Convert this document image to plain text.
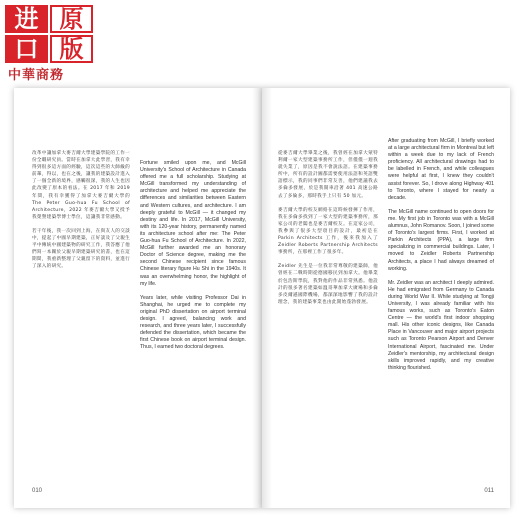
进 原
口 版
中華商務

改革中讓加拿大麥吉爾大學建築學院的工作一份全職研究員。當時在加拿大此學習，我有幸得到很多這方面的經驗，這次這些的大師級的前輩，得以，也在之後，讓我的建築設計進入了一個全新的境界，感觸很深，我的人生也因此改變了原本的看法。在 2017 年和 2019 年間，我有幸獲得了加拿大麥吉爾大學的 The Peter Guo-hua Fu School of Architecture，2022 年麥吉爾大學又授予我榮譽建築學博士學位，這讓我非常感動。

若干年後，我一次回到上海，在與友人的交談中，提起了中國早期建築，正好談及了父親生平中傳統中國建築物的研究工作，我答應了他們寫一本關於父親早期建築研究的書，也在這期間，我重新整理了父親留下的資料，並進行了深入的研究。

Fortune smiled upon me, and McGill University's School of Architecture in Canada offered me a full scholarship. Studying at McGill transformed my understanding of architecture and helped me appreciate the differences and similarities between Eastern and Western cultures, and architecture. I am deeply grateful to McGill — it changed my destiny and life. In 2017, McGill University, with its 120-year history, permanently named its architecture school after me: The Peter Guo-hua Fu School of Architecture. In 2022, McGill further awarded me an honorary Doctor of Science degree, making me the second Chinese recipient since famous Chinese literary figure Hu Shi in the 1940s. It was an overwhelming honor, the highlight of my life.

Years later, while visiting Professor Dai in Shanghai, he urged me to complete my original PhD dissertation on airport terminal design. I agreed, balancing work and research, and three years later, I successfully defended the dissertation, which became the first Chinese book on airport terminal design. Thus, I earned two doctoral degrees.

010

從麥吉爾大學畢業之後，我曾經在加拿大蒙特利爾一家大型建築事務所工作，但僅僅一週我就失業了，原因是我不會說法語。在建築事務所中，所有的設計圖都需要使用法語和英語雙語標示，我的同事們非常友善，他們建議我去多倫多發展，於是我開車沿著 401 高速公路去了多倫多，那時我手上只有 50 加元。

麥吉爾大學的校友網絡在這時候發揮了作用，我在多倫多找到了一家大型的建築事務所，那家公司的老闆也是麥吉爾校友。在這家公司，我參與了很多大型項目的設計，最初是在 Parkin Architects 工作，後來我加入了 Zeidler Roberts Partnership Architects 事務所，在那裡工作了很多年。

Zeidler 先生是一位我非常尊敬的建築師，他曾經在二戰時期從德國移民到加拿大。他畢業於包浩斯學院，我對他的作品非常熟悉。他設計的很多著名建築如溫哥華加拿大廣場和多倫多皮爾遜國際機場，都深深地影響了我的設計理念，我的建築事業也由此開始蓬勃發展。

After graduating from McGill, I briefly worked at a large architectural firm in Montreal but left within a week due to my lack of French proficiency. All architectural drawings had to be labelled in French, and while colleagues were helpful at first, I knew they couldn't assist forever. So, I drove along Highway 401 to Toronto, where I stayed for nearly a decade.

The McGill name continued to open doors for me. My first job in Toronto was with a McGill alumnus, John Romanov. Soon, I joined some of Toronto's largest firms. First, I worked at Parkin Architects (PPA), a large firm specializing in commercial buildings. Later, I moved to Zeidler Roberts Partnership Architects, a place I had always dreamed of working.

Mr. Zeidler was an architect I deeply admired. He had emigrated from Germany to Canada during World War II. While studying at Tongji University, I was already familiar with his famous works, such as Toronto's Eaton Centre — the world's first indoor shopping mall. His other iconic designs, like Canada Place in Vancouver and major airport projects such as Toronto Pearson Airport and Denver International Airport, fascinated me. Under Zeidler's mentorship, my architectural design skills improved rapidly, and my creative thinking flourished.

011
